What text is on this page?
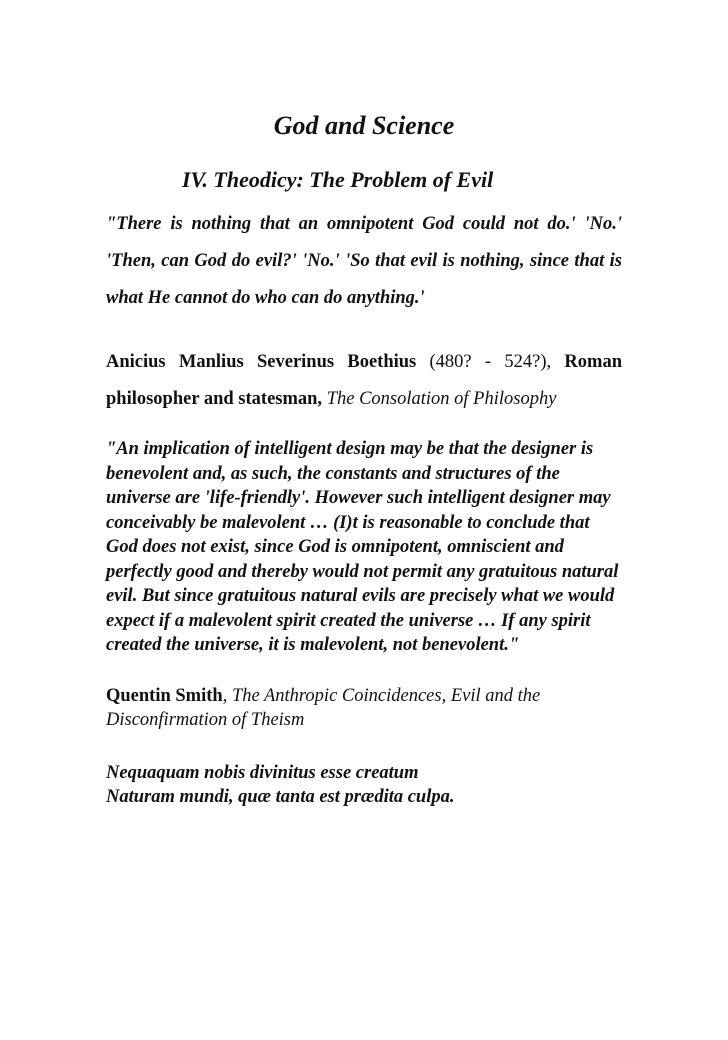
God and Science
IV. Theodicy: The Problem of Evil

"There is nothing that an omnipotent God could not do.' 'No.' 'Then, can God do evil?' 'No.' 'So that evil is nothing, since that is what He cannot do who can do anything.'

Anicius Manlius Severinus Boethius (480? - 524?), Roman philosopher and statesman, The Consolation of Philosophy

"An implication of intelligent design may be that the designer is benevolent and, as such, the constants and structures of the universe are 'life-friendly'. However such intelligent designer may conceivably be malevolent … (I)t is reasonable to conclude that God does not exist, since God is omnipotent, omniscient and perfectly good and thereby would not permit any gratuitous natural evil. But since gratuitous natural evils are precisely what we would expect if a malevolent spirit created the universe … If any spirit created the universe, it is malevolent, not benevolent."

Quentin Smith, The Anthropic Coincidences, Evil and the Disconfirmation of Theism

Nequaquam nobis divinitus esse creatum
Naturam mundi, quæ tanta est prædita culpa.
